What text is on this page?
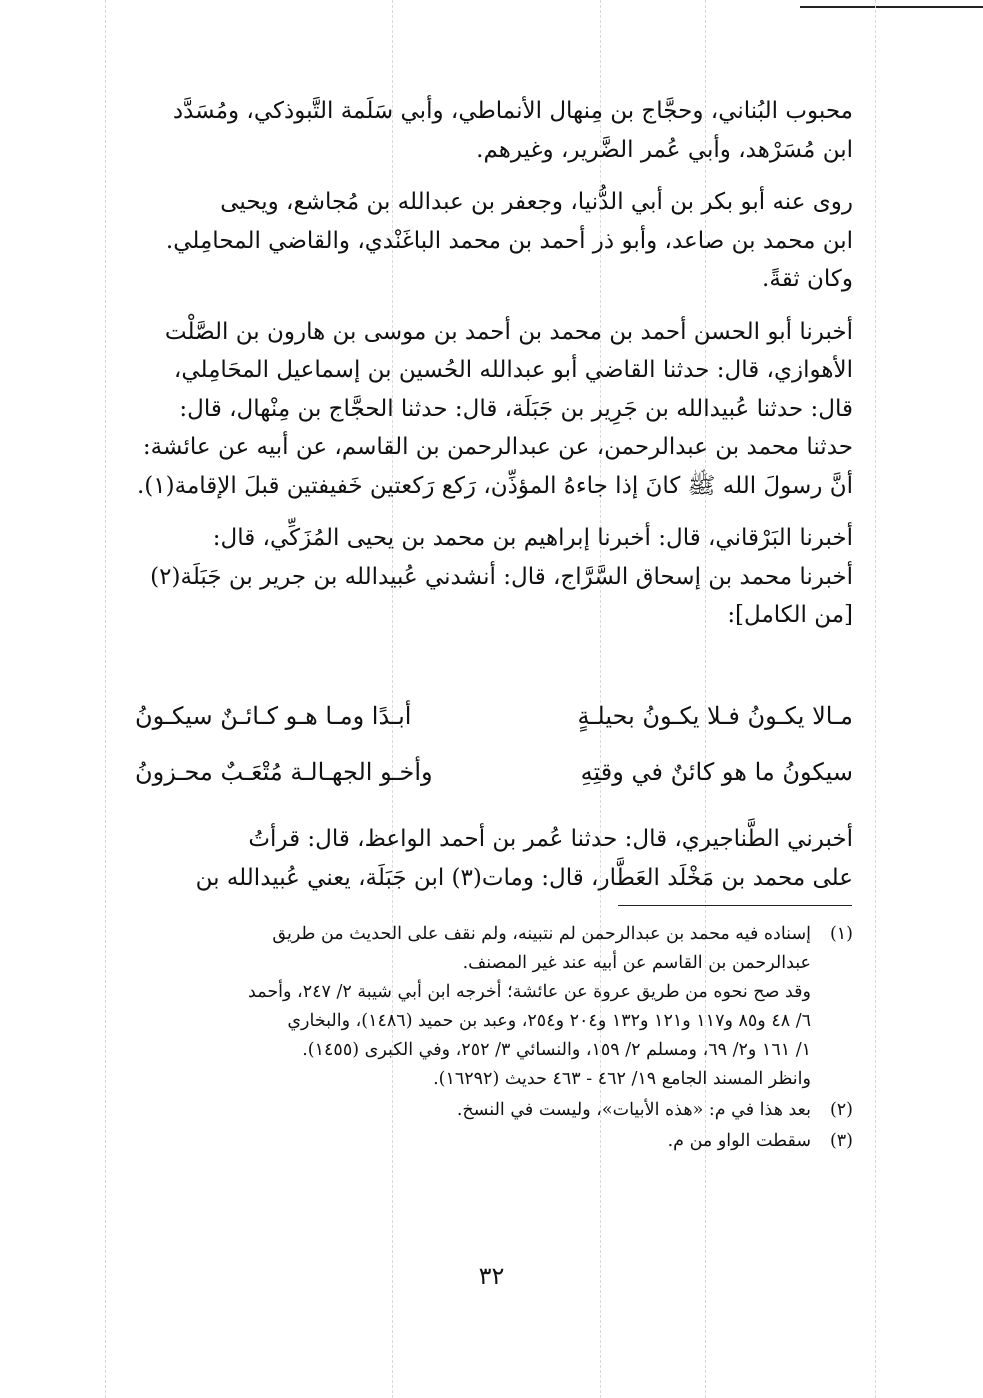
محبوب البُناني، وحجَّاج بن مِنهال الأنماطي، وأبي سَلَمة التَّبوذكي، ومُسَدَّد
ابن مُسَرْهد، وأبي عُمر الضَّرير، وغيرهم.

روى عنه أبو بكر بن أبي الدُّنيا، وجعفر بن عبدالله بن مُجاشع، ويحيى
ابن محمد بن صاعد، وأبو ذر أحمد بن محمد الباغَنْدي، والقاضي المحامِلي.
وكان ثقةً.

أخبرنا أبو الحسن أحمد بن محمد بن أحمد بن موسى بن هارون بن الصَّلْت
الأهوازي، قال: حدثنا القاضي أبو عبدالله الحُسين بن إسماعيل المحَامِلي،
قال: حدثنا عُبيدالله بن جَرِير بن جَبَلَة، قال: حدثنا الحجَّاج بن مِنْهال، قال:
حدثنا محمد بن عبدالرحمن، عن عبدالرحمن بن القاسم، عن أبيه عن عائشة:
أنَّ رسولَ الله ﷺ كانَ إذا جاءهُ المؤذِّن، رَكع رَكعتين خَفيفتين قبلَ الإقامة(١).

أخبرنا البَرْقاني، قال: أخبرنا إبراهيم بن محمد بن يحيى المُزَكِّي، قال:
أخبرنا محمد بن إسحاق السَّرَّاج، قال: أنشدني عُبيدالله بن جرير بن جَبَلَة(٢)
[من الكامل]:

مـالا يكـونُ فـلا يكـونُ بحيلـةٍ
أبـدًا ومـا هـو كـائـنٌ سيكـونُ
سيكونُ ما هو كائنٌ في وقتِهِ
وأخـو الجهـالـة مُتْعَـبٌ محـزونُ
أخبرني الطَّناجيري، قال: حدثنا عُمر بن أحمد الواعظ، قال: قرأتُ
على محمد بن مَخْلَد العَطَّار، قال: ومات(٣) ابن جَبَلَة، يعني عُبيدالله بن
(١)
إسناده فيه محمد بن عبدالرحمن لم نتبينه، ولم نقف على الحديث من طريق
عبدالرحمن بن القاسم عن أبيه عند غير المصنف.
وقد صح نحوه من طريق عروة عن عائشة؛ أخرجه ابن أبي شيبة ٢/ ٢٤٧، وأحمد
٦/ ٤٨ و٨٥ و١١٧ و١٢١ و١٣٢ و٢٠٤ و٢٥٤، وعبد بن حميد (١٤٨٦)، والبخاري
١/ ١٦١ و٢/ ٦٩، ومسلم ٢/ ١٥٩، والنسائي ٣/ ٢٥٢، وفي الكبرى (١٤٥٥).
وانظر المسند الجامع ١٩/ ٤٦٢ - ٤٦٣ حديث (١٦٢٩٢).
(٢)
بعد هذا في م: «هذه الأبيات»، وليست في النسخ.
(٣)
سقطت الواو من م.
٣٢
